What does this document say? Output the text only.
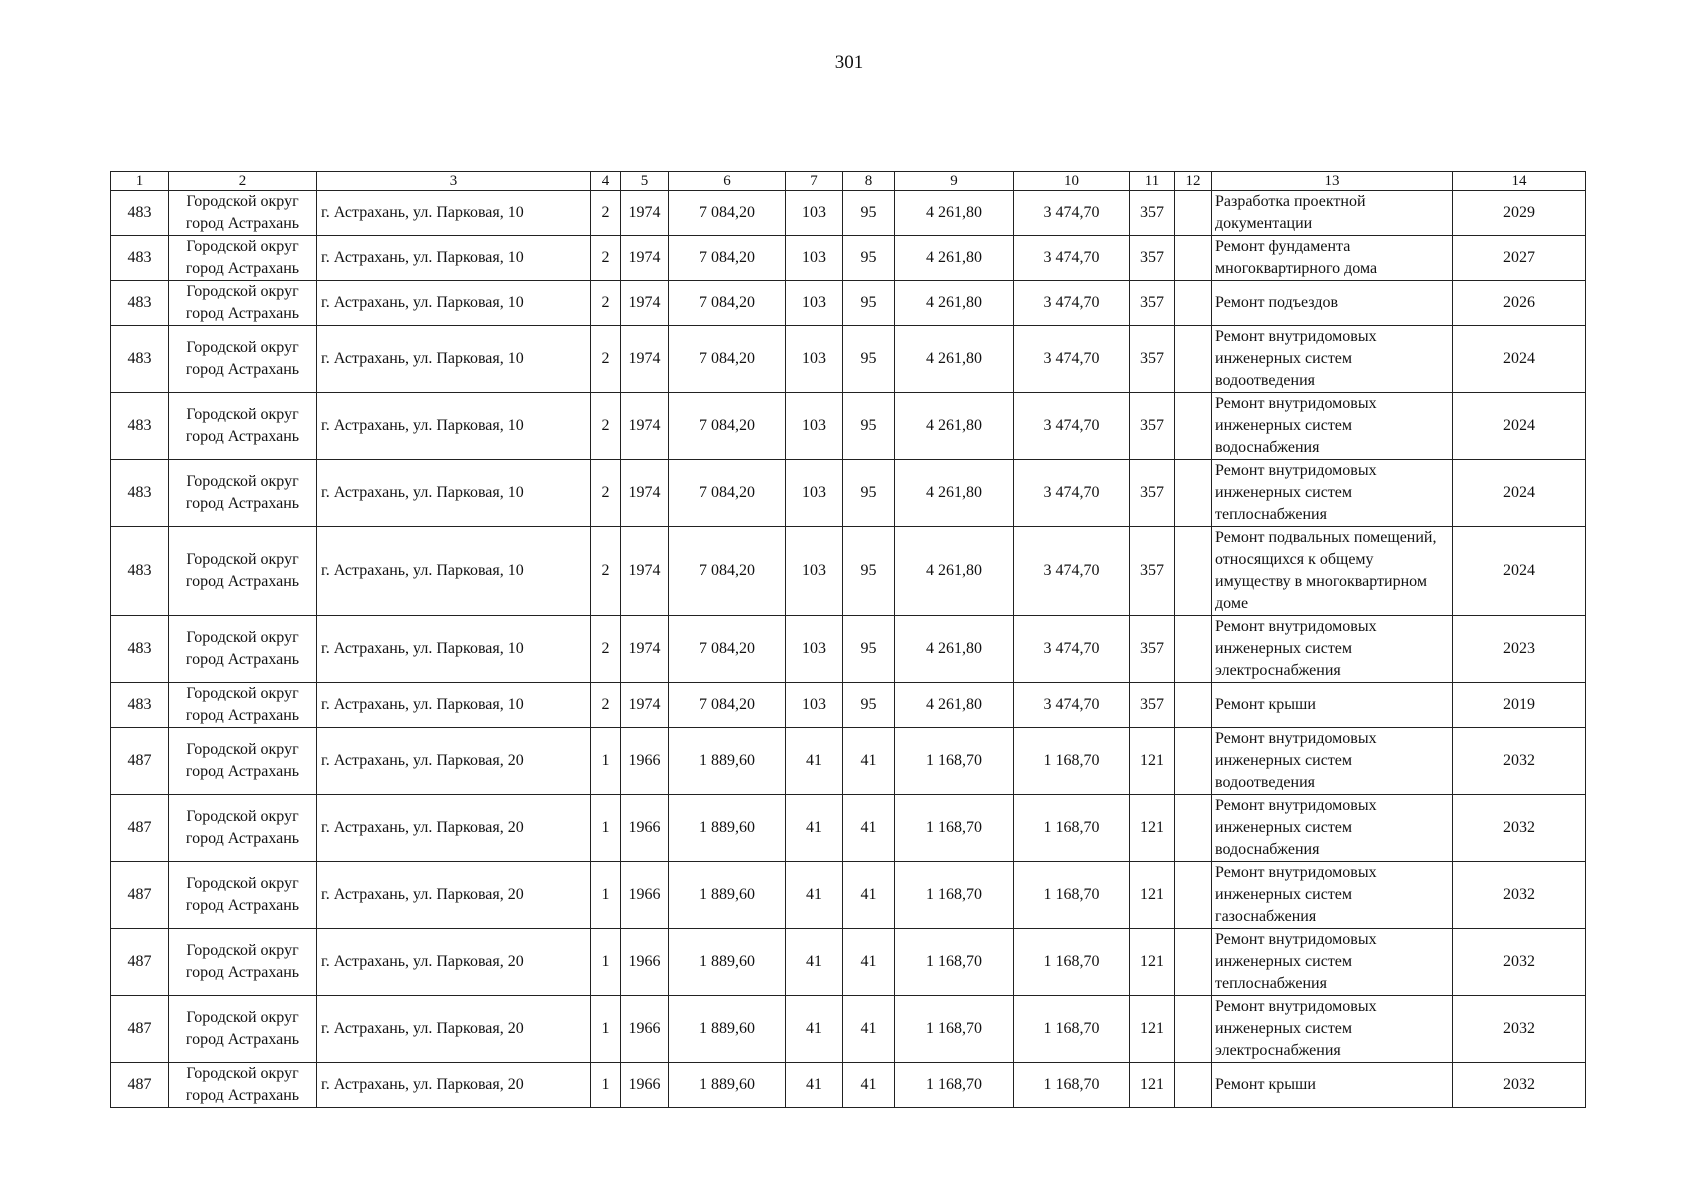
301
1	2	3	4	5	6	7	8	9	10	11	12	13	14
483	Городской округ город Астрахань	г. Астрахань, ул. Парковая, 10	2	1974	7 084,20	103	95	4 261,80	3 474,70	357		Разработка проектной документации	2029
483	Городской округ город Астрахань	г. Астрахань, ул. Парковая, 10	2	1974	7 084,20	103	95	4 261,80	3 474,70	357		Ремонт фундамента многоквартирного дома	2027
483	Городской округ город Астрахань	г. Астрахань, ул. Парковая, 10	2	1974	7 084,20	103	95	4 261,80	3 474,70	357		Ремонт подъездов	2026
483	Городской округ город Астрахань	г. Астрахань, ул. Парковая, 10	2	1974	7 084,20	103	95	4 261,80	3 474,70	357		Ремонт внутридомовых инженерных систем водоотведения	2024
483	Городской округ город Астрахань	г. Астрахань, ул. Парковая, 10	2	1974	7 084,20	103	95	4 261,80	3 474,70	357		Ремонт внутридомовых инженерных систем водоснабжения	2024
483	Городской округ город Астрахань	г. Астрахань, ул. Парковая, 10	2	1974	7 084,20	103	95	4 261,80	3 474,70	357		Ремонт внутридомовых инженерных систем теплоснабжения	2024
483	Городской округ город Астрахань	г. Астрахань, ул. Парковая, 10	2	1974	7 084,20	103	95	4 261,80	3 474,70	357		Ремонт подвальных помещений, относящихся к общему имуществу в многоквартирном доме	2024
483	Городской округ город Астрахань	г. Астрахань, ул. Парковая, 10	2	1974	7 084,20	103	95	4 261,80	3 474,70	357		Ремонт внутридомовых инженерных систем электроснабжения	2023
483	Городской округ город Астрахань	г. Астрахань, ул. Парковая, 10	2	1974	7 084,20	103	95	4 261,80	3 474,70	357		Ремонт крыши	2019
487	Городской округ город Астрахань	г. Астрахань, ул. Парковая, 20	1	1966	1 889,60	41	41	1 168,70	1 168,70	121		Ремонт внутридомовых инженерных систем водоотведения	2032
487	Городской округ город Астрахань	г. Астрахань, ул. Парковая, 20	1	1966	1 889,60	41	41	1 168,70	1 168,70	121		Ремонт внутридомовых инженерных систем водоснабжения	2032
487	Городской округ город Астрахань	г. Астрахань, ул. Парковая, 20	1	1966	1 889,60	41	41	1 168,70	1 168,70	121		Ремонт внутридомовых инженерных систем газоснабжения	2032
487	Городской округ город Астрахань	г. Астрахань, ул. Парковая, 20	1	1966	1 889,60	41	41	1 168,70	1 168,70	121		Ремонт внутридомовых инженерных систем теплоснабжения	2032
487	Городской округ город Астрахань	г. Астрахань, ул. Парковая, 20	1	1966	1 889,60	41	41	1 168,70	1 168,70	121		Ремонт внутридомовых инженерных систем электроснабжения	2032
487	Городской округ город Астрахань	г. Астрахань, ул. Парковая, 20	1	1966	1 889,60	41	41	1 168,70	1 168,70	121		Ремонт крыши	2032
